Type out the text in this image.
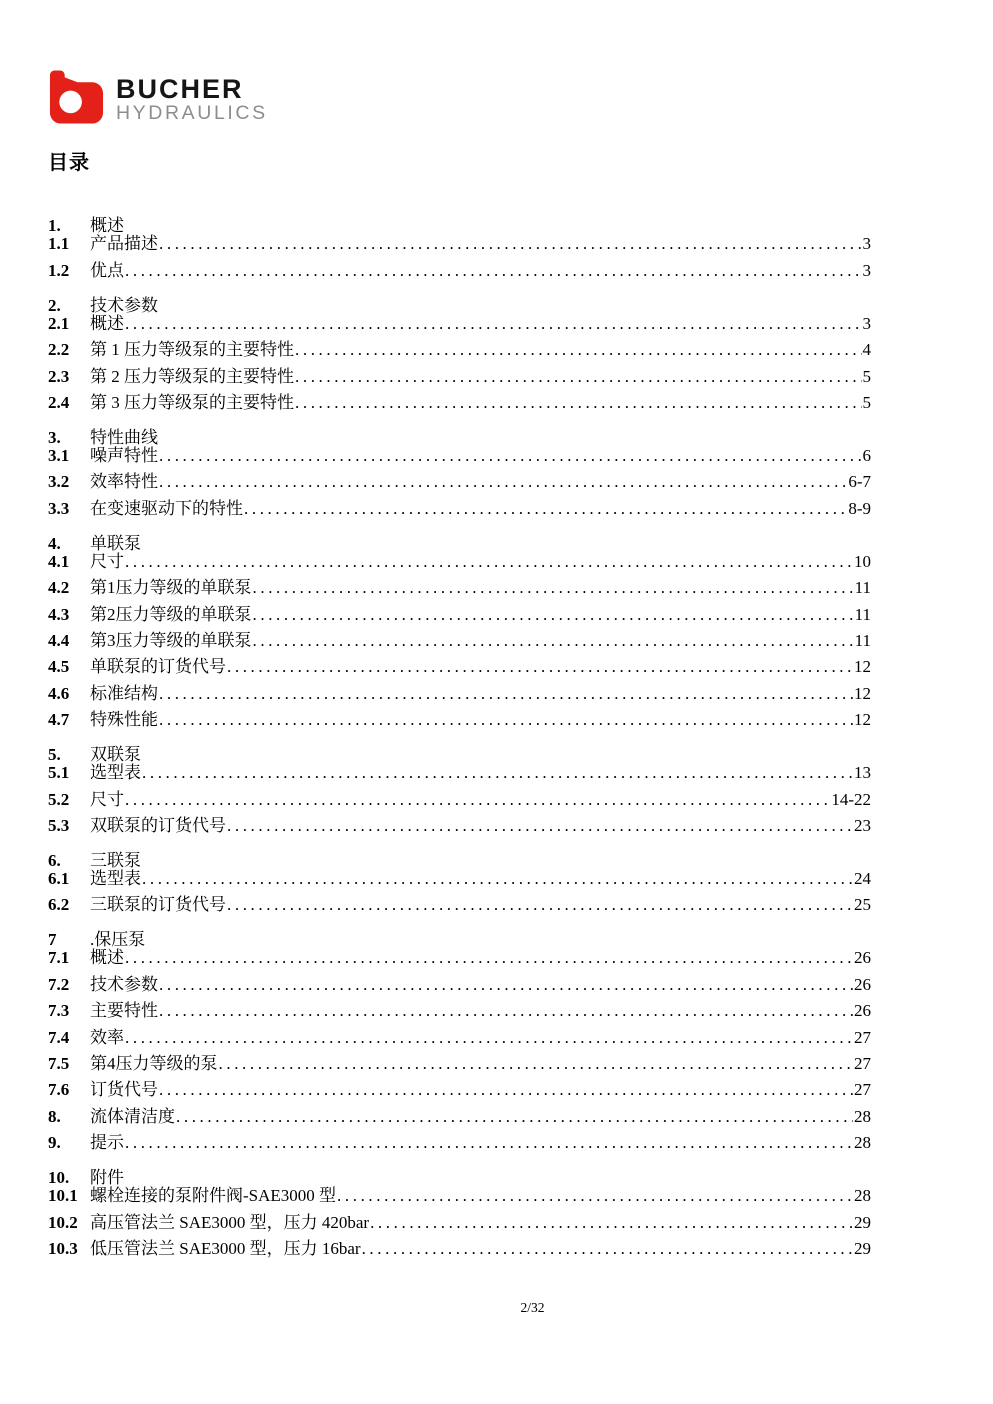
BUCHER
HYDRAULICS
目录
1.	概述
1.1	产品描述 .....	3
1.2	优点 .....	3
2.	技术参数
2.1	概述 .....	3
2.2	第 1 压力等级泵的主要特性 .....	4
2.3	第 2 压力等级泵的主要特性 .....	5
2.4	第 3 压力等级泵的主要特性 .....	5
3.	特性曲线
3.1	噪声特性 .....	6
3.2	效率特性 .....	6-7
3.3	在变速驱动下的特性 .....	8-9
4.	单联泵
4.1	尺寸 .....	10
4.2	第1压力等级的单联泵 .....	11
4.3	第2压力等级的单联泵 .....	11
4.4	第3压力等级的单联泵 .....	11
4.5	单联泵的订货代号 .....	12
4.6	标准结构 .....	12
4.7	特殊性能 .....	12
5.	双联泵
5.1	选型表 .....	13
5.2	尺寸 .....	14-22
5.3	双联泵的订货代号 .....	23
6.	三联泵
6.1	选型表 .....	24
6.2	三联泵的订货代号 .....	25
7	.保压泵
7.1	概述 .....	26
7.2	技术参数 .....	26
7.3	主要特性 .....	26
7.4	效率 .....	27
7.5	第4压力等级的泵 .....	27
7.6	订货代号 .....	27
8.	流体清洁度 .....	28
9.	提示 .....	28
10.	附件
10.1 螺栓连接的泵附件阀-SAE3000 型 .....	28
10.2 高压管法兰 SAE3000 型，压力 420bar .....	29
10.3 低压管法兰 SAE3000 型，压力 16bar .....	29
2/32
